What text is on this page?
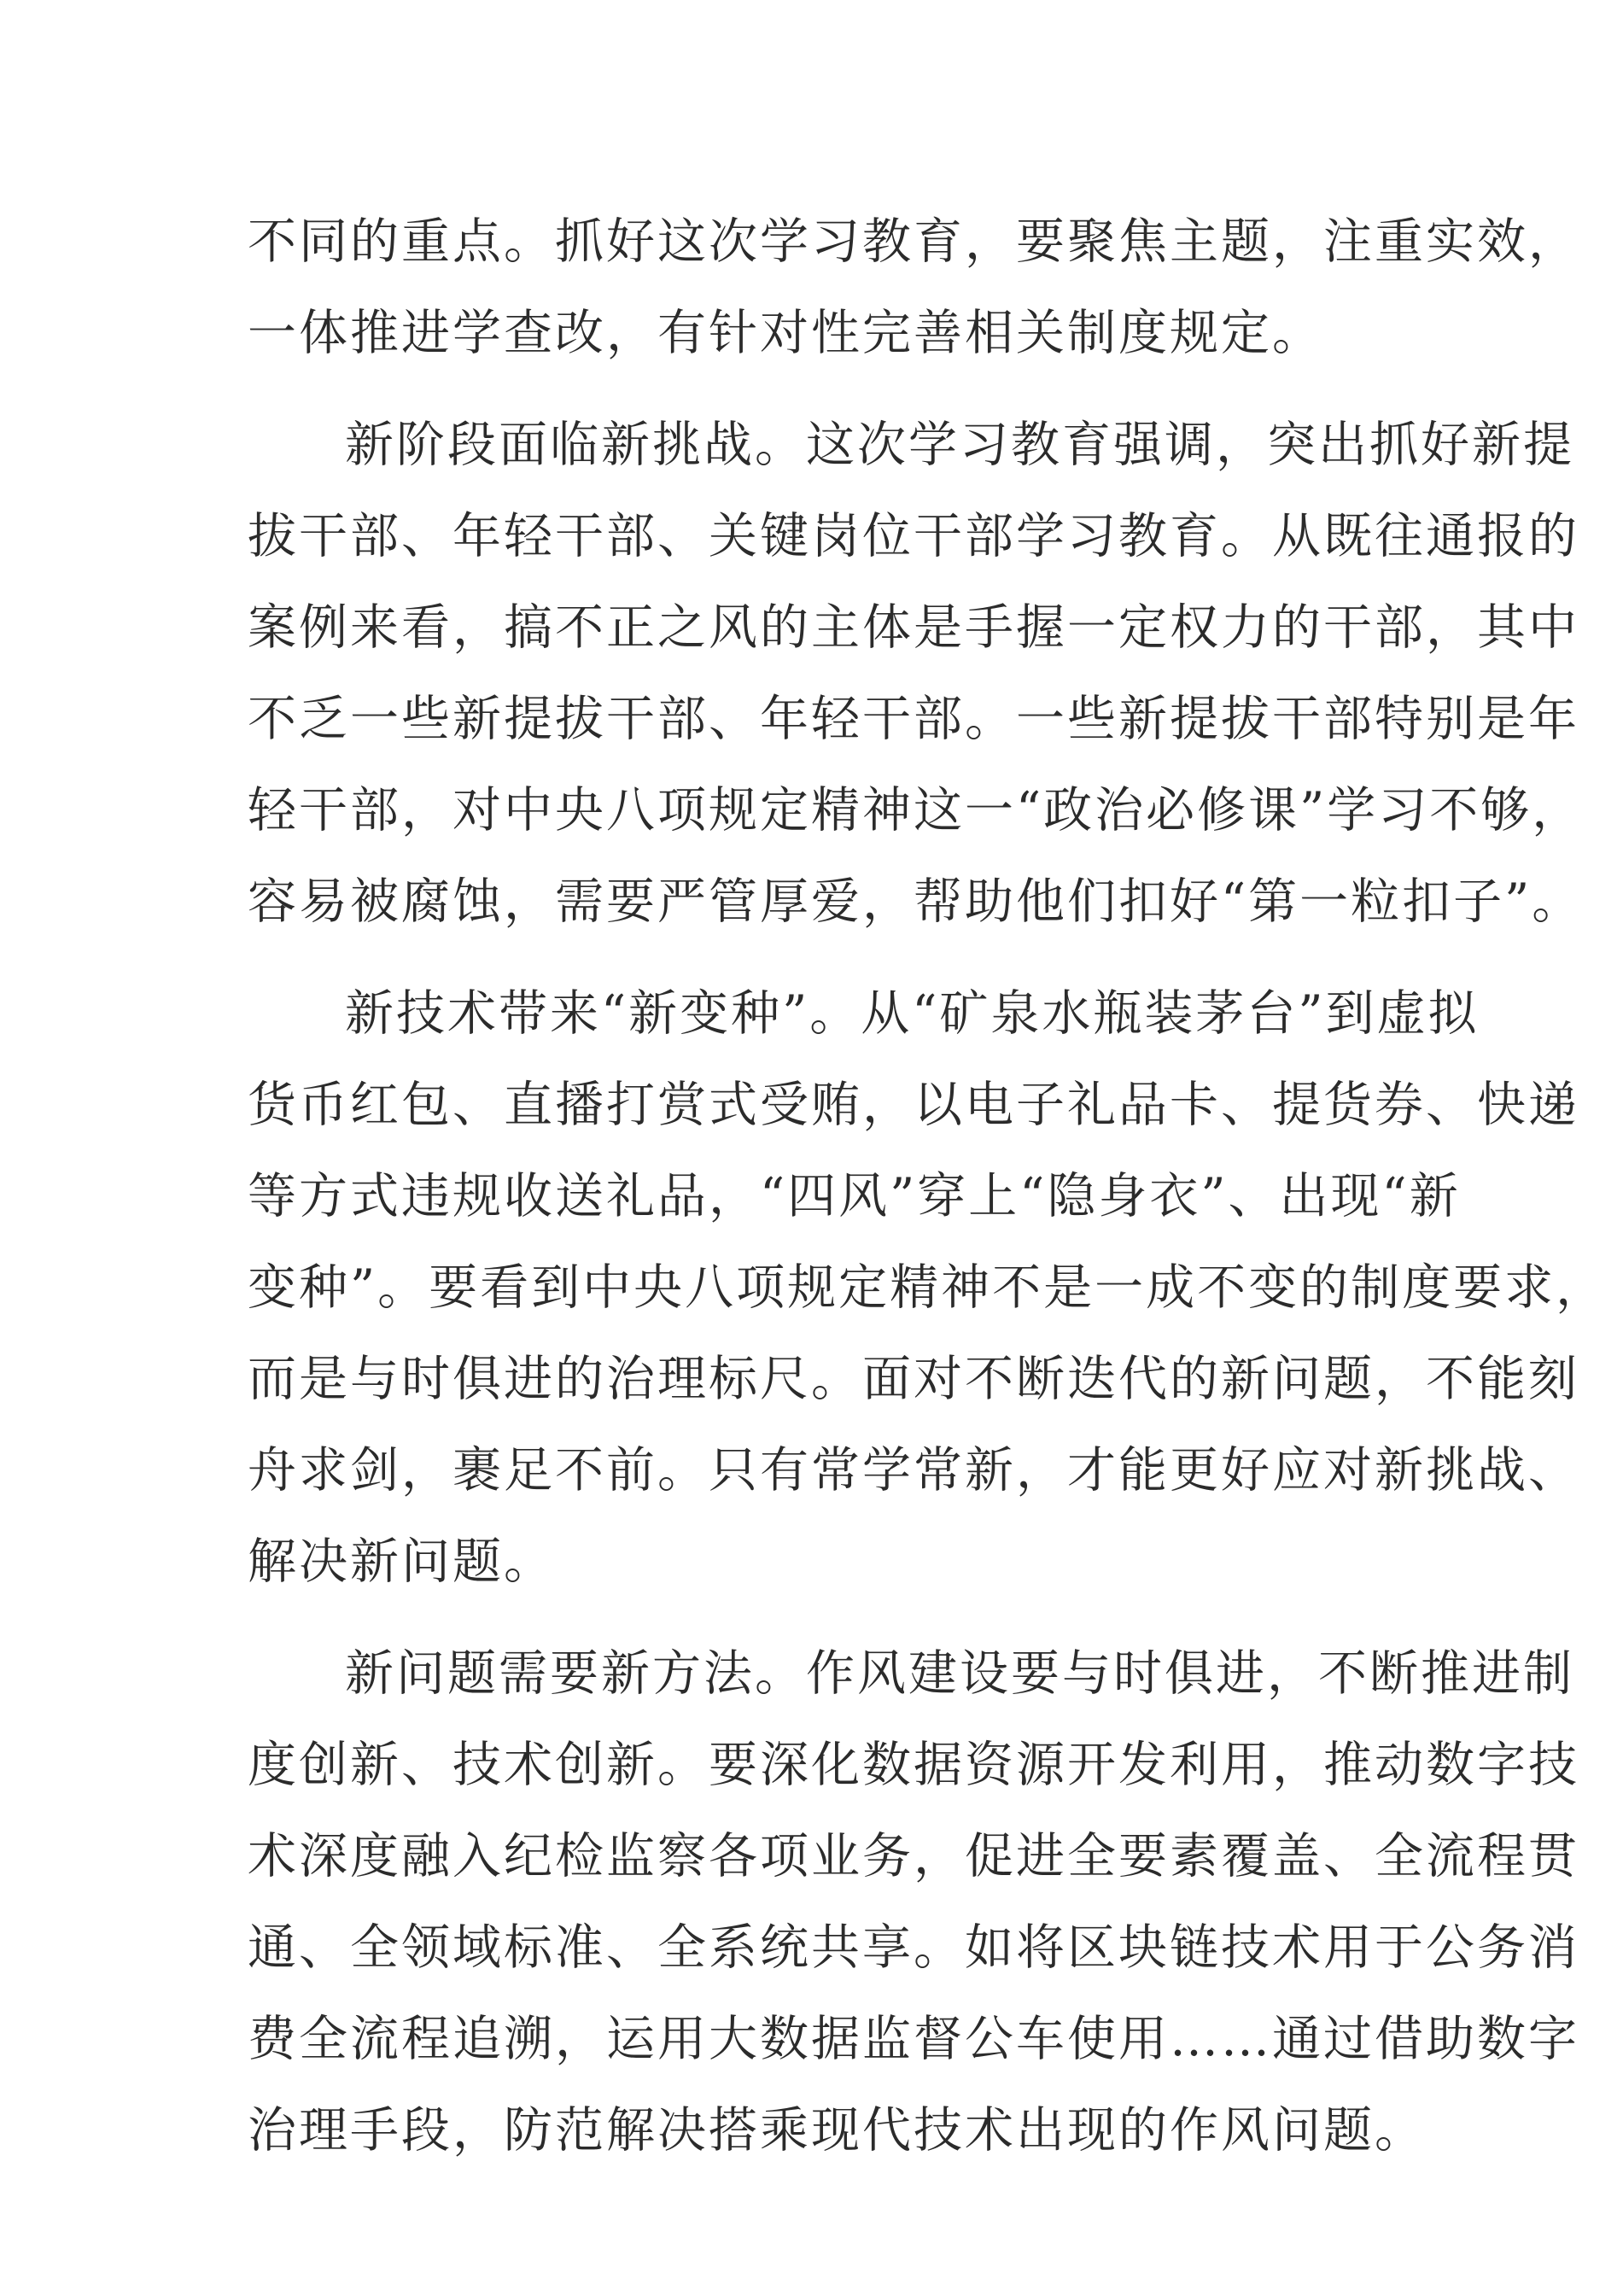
不同的重点。抓好这次学习教育，要聚焦主题，注重实效，
一体推进学查改，有针对性完善相关制度规定。
新阶段面临新挑战。这次学习教育强调，突出抓好新提
拔干部、年轻干部、关键岗位干部学习教育。从既往通报的
案例来看，搞不正之风的主体是手握一定权力的干部，其中
不乏一些新提拔干部、年轻干部。一些新提拔干部特别是年
轻干部，对中央八项规定精神这一“政治必修课”学习不够，
容易被腐蚀，需要严管厚爱，帮助他们扣好“第一粒扣子”。
新技术带来“新变种”。从“矿泉水瓶装茅台”到虚拟
货币红包、直播打赏式受贿，以电子礼品卡、提货券、快递
等方式违规收送礼品，“四风”穿上“隐身衣”、出现“新
变种”。要看到中央八项规定精神不是一成不变的制度要求，
而是与时俱进的治理标尺。面对不断迭代的新问题，不能刻
舟求剑，裹足不前。只有常学常新，才能更好应对新挑战、
解决新问题。
新问题需要新方法。作风建设要与时俱进，不断推进制
度创新、技术创新。要深化数据资源开发利用，推动数字技
术深度融入纪检监察各项业务，促进全要素覆盖、全流程贯
通、全领域标准、全系统共享。如将区块链技术用于公务消
费全流程追溯，运用大数据监督公车使用……通过借助数字
治理手段，防范解决搭乘现代技术出现的作风问题。
